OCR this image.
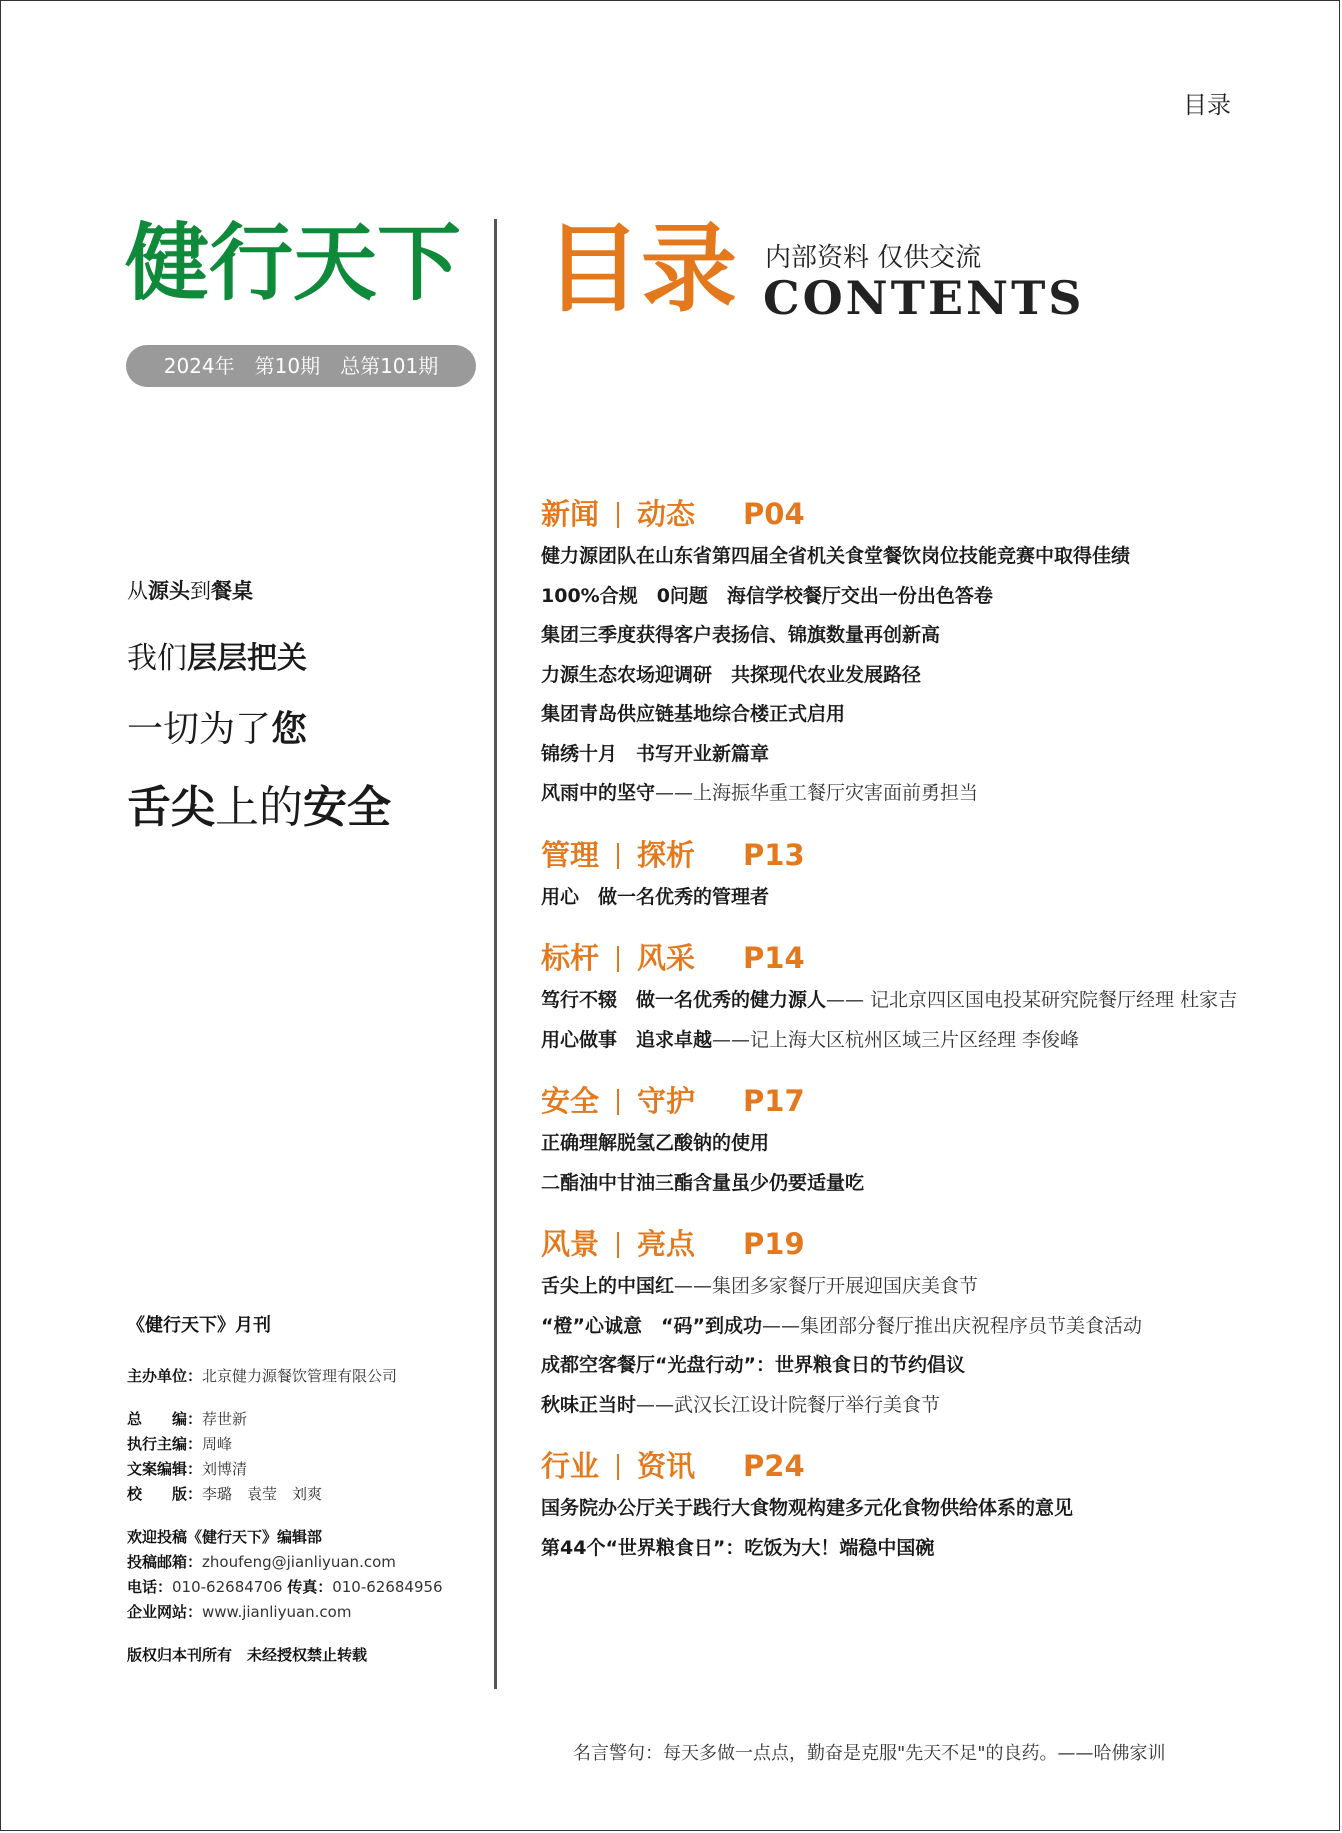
目录
健行天下
2024年　第10期　总第101期
从源头到餐桌
我们层层把关
一切为了您
舌尖上的安全
《健行天下》月刊
主办单位：北京健力源餐饮管理有限公司
总　　编：荐世新
执行主编：周峰
文案编辑：刘博清
校　　版：李璐　袁莹　刘爽
欢迎投稿《健行天下》编辑部
投稿邮箱：zhoufeng@jianliyuan.com
电话：010-62684706 传真：010-62684956
企业网站：www.jianliyuan.com
版权归本刊所有　未经授权禁止转载
目录 内部资料 仅供交流
CONTENTS
新闻 动态 P04
健力源团队在山东省第四届全省机关食堂餐饮岗位技能竞赛中取得佳绩
100%合规　0问题　海信学校餐厅交出一份出色答卷
集团三季度获得客户表扬信、锦旗数量再创新高
力源生态农场迎调研　共探现代农业发展路径
集团青岛供应链基地综合楼正式启用
锦绣十月　书写开业新篇章
风雨中的坚守——上海振华重工餐厅灾害面前勇担当
管理 探析 P13
用心　做一名优秀的管理者
标杆 风采 P14
笃行不辍　做一名优秀的健力源人—— 记北京四区国电投某研究院餐厅经理 杜家吉
用心做事　追求卓越——记上海大区杭州区域三片区经理 李俊峰
安全 守护 P17
正确理解脱氢乙酸钠的使用
二酯油中甘油三酯含量虽少仍要适量吃
风景 亮点 P19
舌尖上的中国红——集团多家餐厅开展迎国庆美食节
“橙”心诚意　“码”到成功——集团部分餐厅推出庆祝程序员节美食活动
成都空客餐厅“光盘行动”：世界粮食日的节约倡议
秋味正当时——武汉长江设计院餐厅举行美食节
行业 资讯 P24
国务院办公厅关于践行大食物观构建多元化食物供给体系的意见
第44个“世界粮食日”：吃饭为大！端稳中国碗
名言警句：每天多做一点点，勤奋是克服"先天不足"的良药。——哈佛家训
